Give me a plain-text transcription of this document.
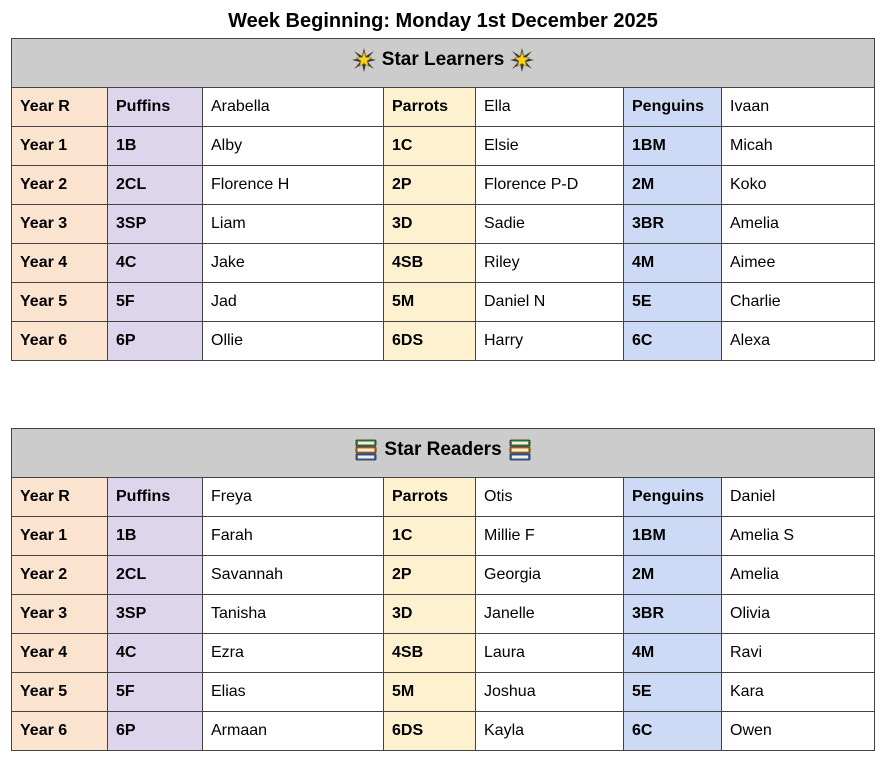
Week Beginning: Monday 1st December 2025
Star Learners						

Year R	Puffins	Arabella	Parrots	Ella	Penguins	Ivaan
Year 1	1B	Alby	1C	Elsie	1BM	Micah
Year 2	2CL	Florence H	2P	Florence P-D	2M	Koko
Year 3	3SP	Liam	3D	Sadie	3BR	Amelia
Year 4	4C	Jake	4SB	Riley	4M	Aimee
Year 5	5F	Jad	5M	Daniel N	5E	Charlie
Year 6	6P	Ollie	6DS	Harry	6C	Alexa
Star Readers						

Year R	Puffins	Freya	Parrots	Otis	Penguins	Daniel
Year 1	1B	Farah	1C	Millie F	1BM	Amelia S
Year 2	2CL	Savannah	2P	Georgia	2M	Amelia
Year 3	3SP	Tanisha	3D	Janelle	3BR	Olivia
Year 4	4C	Ezra	4SB	Laura	4M	Ravi
Year 5	5F	Elias	5M	Joshua	5E	Kara
Year 6	6P	Armaan	6DS	Kayla	6C	Owen
